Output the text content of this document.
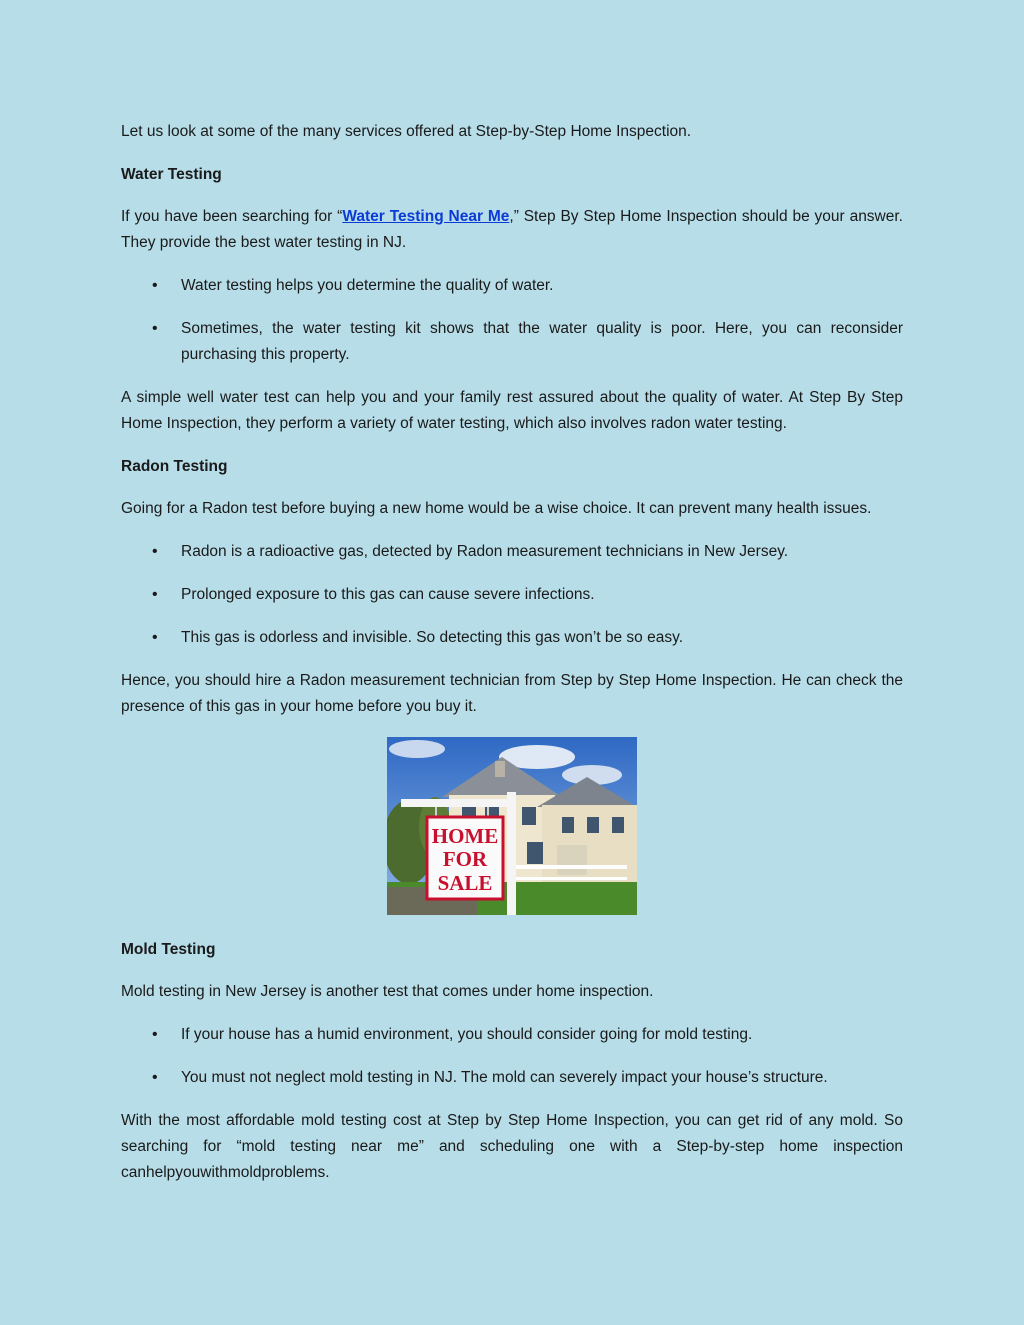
Let us look at some of the many services offered at Step-by-Step Home Inspection.

Water Testing

If you have been searching for “Water Testing Near Me,” Step By Step Home Inspection should be your answer. They provide the best water testing in NJ.

• Water testing helps you determine the quality of water.
• Sometimes, the water testing kit shows that the water quality is poor. Here, you can reconsider purchasing this property.

A simple well water test can help you and your family rest assured about the quality of water. At Step By Step Home Inspection, they perform a variety of water testing, which also involves radon water testing.

Radon Testing

Going for a Radon test before buying a new home would be a wise choice. It can prevent many health issues.

• Radon is a radioactive gas, detected by Radon measurement technicians in New Jersey.
• Prolonged exposure to this gas can cause severe infections.
• This gas is odorless and invisible. So detecting this gas won’t be so easy.

Hence, you should hire a Radon measurement technician from Step by Step Home Inspection. He can check the presence of this gas in your home before you buy it.

HOME
FOR
SALE

Mold Testing

Mold testing in New Jersey is another test that comes under home inspection.

• If your house has a humid environment, you should consider going for mold testing.
• You must not neglect mold testing in NJ. The mold can severely impact your house’s structure.

With the most affordable mold testing cost at Step by Step Home Inspection, you can get rid of any mold. So searching for “mold testing near me” and scheduling one with a Step-by-step home inspection canhelpyouwithmoldproblems.
